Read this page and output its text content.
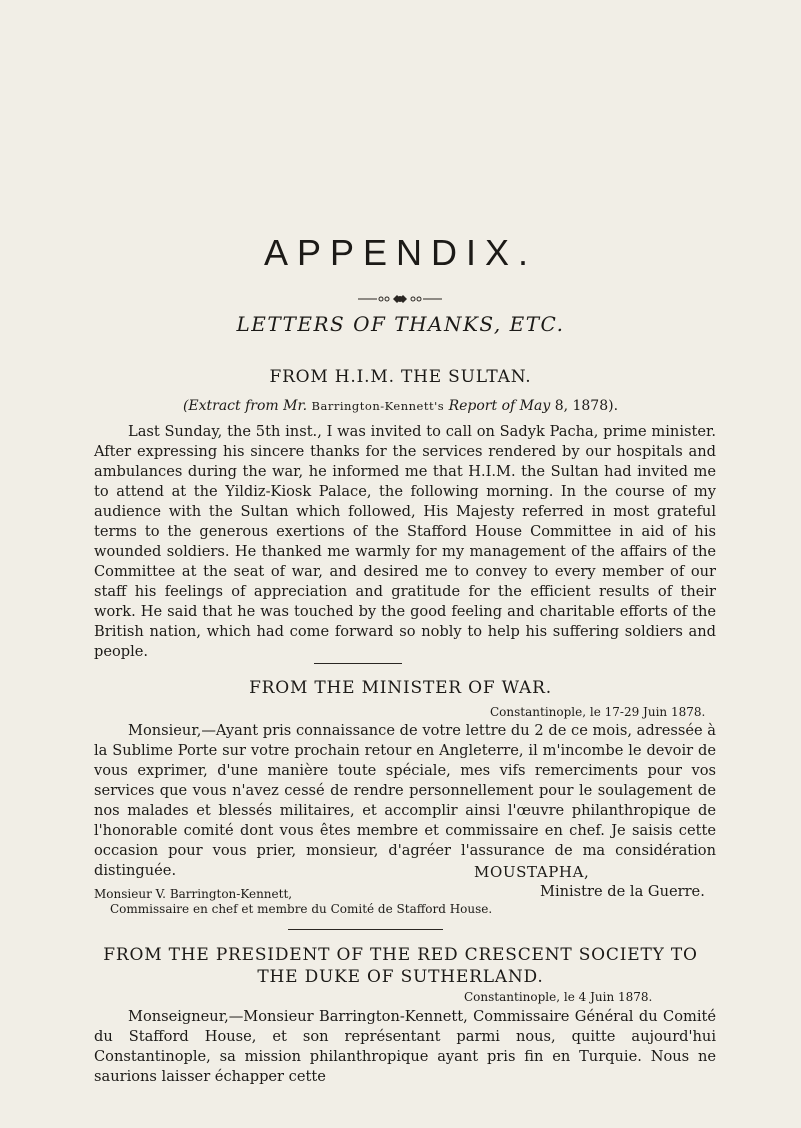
APPENDIX.
LETTERS OF THANKS, ETC.
FROM H.I.M. THE SULTAN.
(Extract from Mr. Barrington-Kennett's Report of May 8, 1878).
Last Sunday, the 5th inst., I was invited to call on Sadyk Pacha, prime minister. After expressing his sincere thanks for the services rendered by our hospitals and ambulances during the war, he informed me that H.I.M. the Sultan had invited me to attend at the Yildiz-Kiosk Palace, the following morning. In the course of my audience with the Sultan which followed, His Majesty referred in most grateful terms to the generous exertions of the Stafford House Committee in aid of his wounded soldiers. He thanked me warmly for my management of the affairs of the Committee at the seat of war, and desired me to convey to every member of our staff his feelings of appreciation and gratitude for the efficient results of their work. He said that he was touched by the good feeling and charitable efforts of the British nation, which had come forward so nobly to help his suffering soldiers and people.
FROM THE MINISTER OF WAR.
Constantinople, le 17-29 Juin 1878.
Monsieur,—Ayant pris connaissance de votre lettre du 2 de ce mois, adressée à la Sublime Porte sur votre prochain retour en Angleterre, il m'incombe le devoir de vous exprimer, d'une manière toute spéciale, mes vifs remerciments pour vos services que vous n'avez cessé de rendre personnellement pour le soulagement de nos malades et blessés militaires, et accomplir ainsi l'œuvre philanthropique de l'honorable comité dont vous êtes membre et commissaire en chef. Je saisis cette occasion pour vous prier, monsieur, d'agréer l'assurance de ma considération distinguée.	MOUSTAPHA,
Ministre de la Guerre.
Monsieur V. Barrington-Kennett,
Commissaire en chef et membre du Comité de Stafford House.
FROM THE PRESIDENT OF THE RED CRESCENT SOCIETY TO
THE DUKE OF SUTHERLAND.
Constantinople, le 4 Juin 1878.
Monseigneur,—Monsieur Barrington-Kennett, Commissaire Général du Comité du Stafford House, et son représentant parmi nous, quitte aujourd'hui Constantinople, sa mission philanthropique ayant pris fin en Turquie. Nous ne saurions laisser échapper cette
